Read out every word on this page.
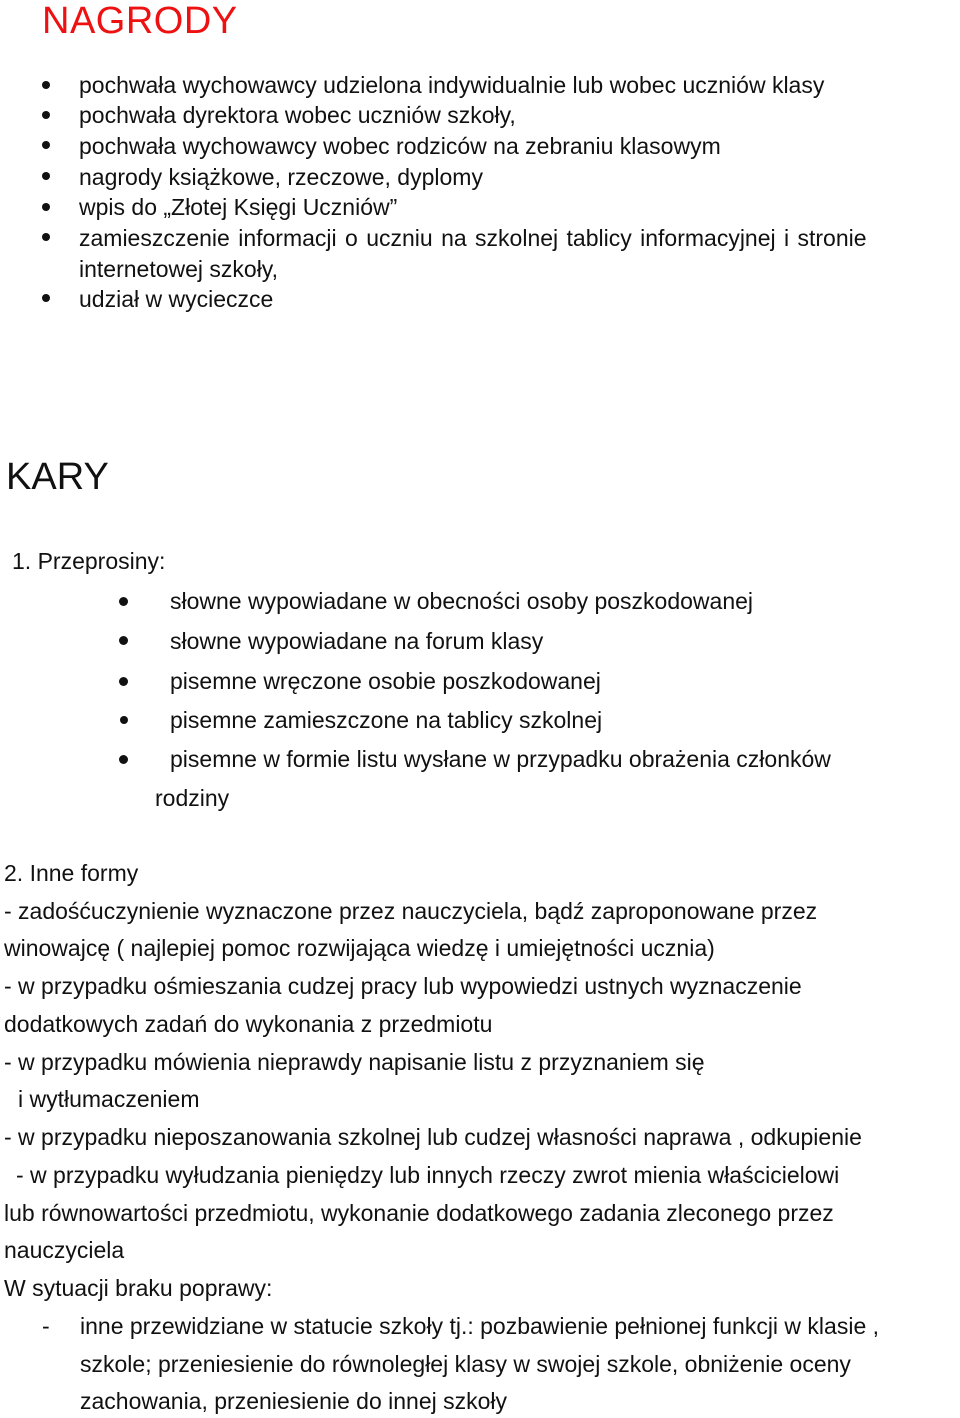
NAGRODY
pochwała wychowawcy udzielona indywidualnie lub wobec uczniów klasy
pochwała dyrektora wobec uczniów szkoły,
pochwała wychowawcy wobec rodziców na zebraniu klasowym
nagrody książkowe, rzeczowe, dyplomy
wpis do „Złotej Księgi Uczniów”
zamieszczenie informacji o uczniu na szkolnej tablicy informacyjnej i stronie
internetowej szkoły,
udział w wycieczce
KARY
1. Przeprosiny:
słowne wypowiadane w obecności osoby poszkodowanej
słowne wypowiadane na forum klasy
pisemne wręczone osobie poszkodowanej
pisemne zamieszczone na tablicy szkolnej
pisemne w formie listu wysłane w przypadku obrażenia członków
rodziny
2. Inne formy
- zadośćuczynienie wyznaczone przez nauczyciela, bądź zaproponowane przez
winowajcę ( najlepiej pomoc rozwijająca wiedzę i umiejętności ucznia)
- w przypadku ośmieszania cudzej pracy lub wypowiedzi ustnych wyznaczenie
dodatkowych zadań do wykonania z przedmiotu
- w przypadku mówienia nieprawdy napisanie listu z przyznaniem się
i wytłumaczeniem
- w przypadku nieposzanowania szkolnej lub cudzej własności naprawa , odkupienie
- w przypadku wyłudzania pieniędzy lub innych rzeczy zwrot mienia właścicielowi
lub równowartości przedmiotu, wykonanie dodatkowego zadania zleconego przez
nauczyciela
W sytuacji braku poprawy:
- inne przewidziane w statucie szkoły tj.: pozbawienie pełnionej funkcji w klasie ,
szkole; przeniesienie do równoległej klasy w swojej szkole, obniżenie oceny
zachowania, przeniesienie do innej szkoły
